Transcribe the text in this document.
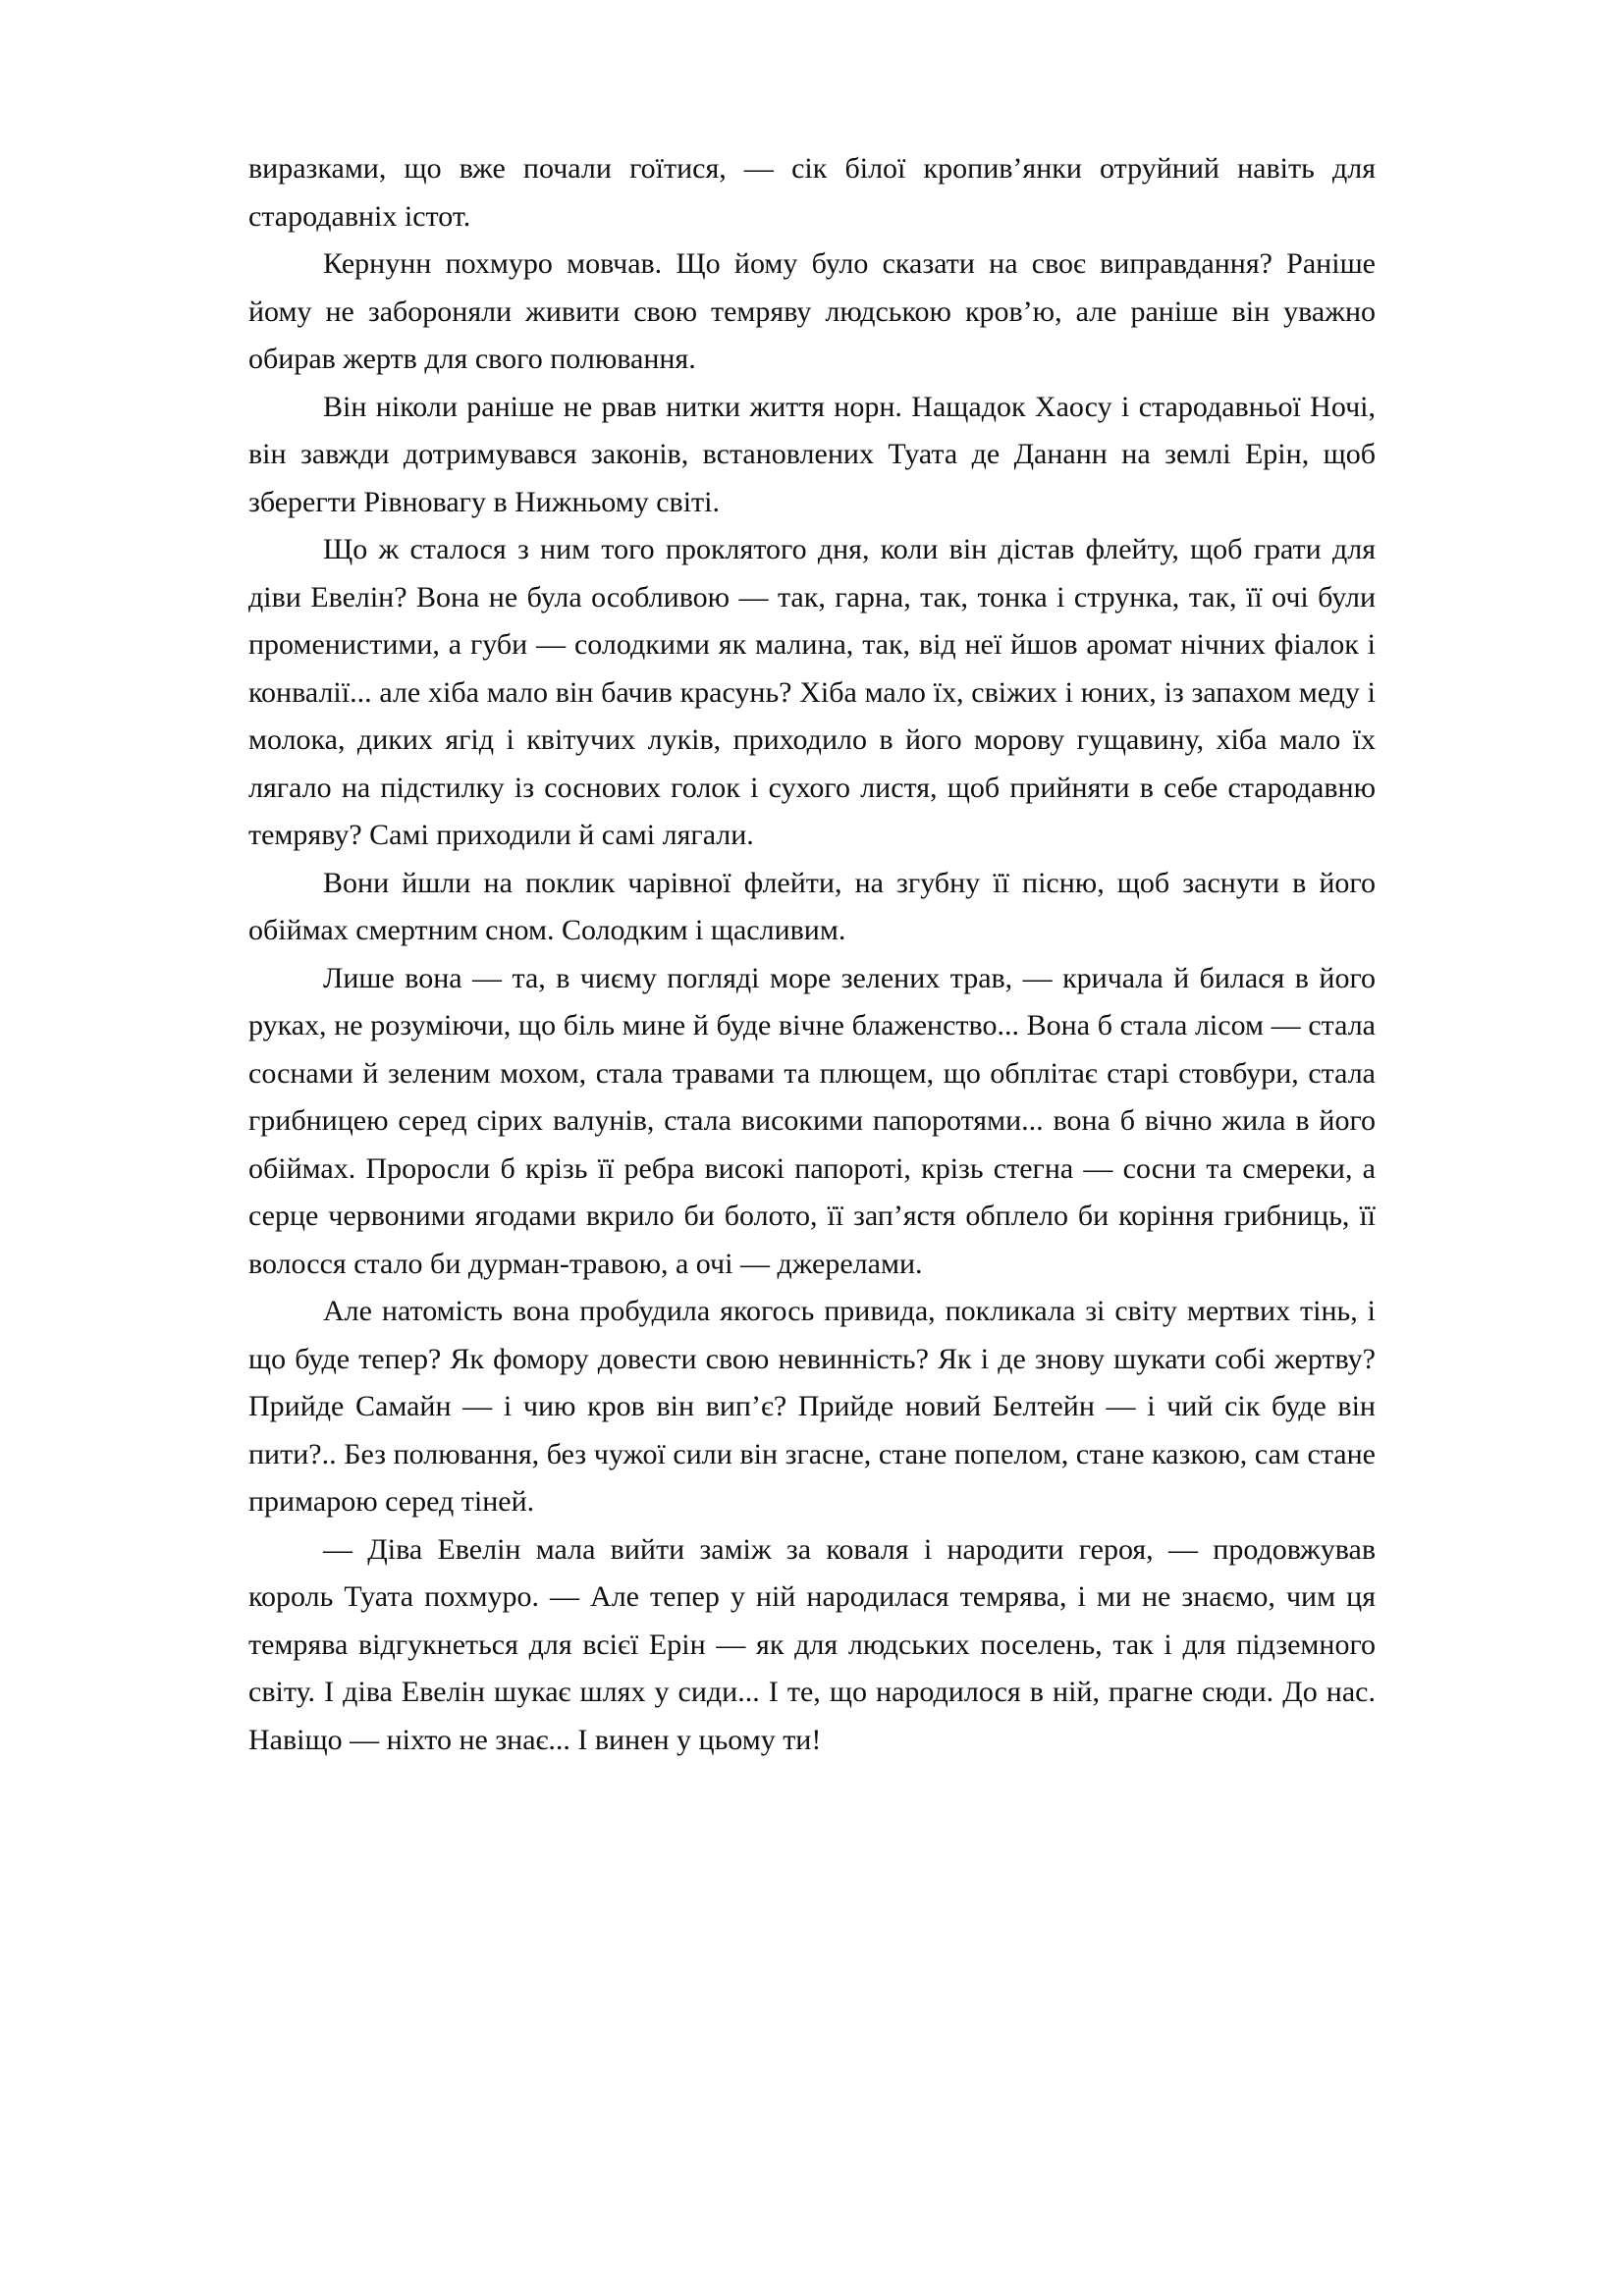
виразками, що вже почали гоїтися, — сік білої кропив’янки отруйний навіть для стародавніх істот.

Кернунн похмуро мовчав. Що йому було сказати на своє виправдання? Раніше йому не забороняли живити свою темряву людською кров’ю, але раніше він уважно обирав жертв для свого полювання.

Він ніколи раніше не рвав нитки життя норн. Нащадок Хаосу і стародавньої Ночі, він завжди дотримувався законів, встановлених Туата де Дананн на землі Ерін, щоб зберегти Рівновагу в Нижньому світі.

Що ж сталося з ним того проклятого дня, коли він дістав флейту, щоб грати для діви Евелін? Вона не була особливою — так, гарна, так, тонка і струнка, так, її очі були променистими, а губи — солодкими як малина, так, від неї йшов аромат нічних фіалок і конвалії... але хіба мало він бачив красунь? Хіба мало їх, свіжих і юних, із запахом меду і молока, диких ягід і квітучих луків, приходило в його морову гущавину, хіба мало їх лягало на підстилку із соснових голок і сухого листя, щоб прийняти в себе стародавню темряву? Самі приходили й самі лягали.

Вони йшли на поклик чарівної флейти, на згубну її пісню, щоб заснути в його обіймах смертним сном. Солодким і щасливим.

Лише вона — та, в чиєму погляді море зелених трав, — кричала й билася в його руках, не розуміючи, що біль мине й буде вічне блаженство... Вона б стала лісом — стала соснами й зеленим мохом, стала травами та плющем, що обплітає старі стовбури, стала грибницею серед сірих валунів, стала високими папоротями... вона б вічно жила в його обіймах. Проросли б крізь її ребра високі папороті, крізь стегна — сосни та смереки, а серце червоними ягодами вкрило би болото, її зап’ястя обплело би коріння грибниць, її волосся стало би дурман-травою, а очі — джерелами.

Але натомість вона пробудила якогось привида, покликала зі світу мертвих тінь, і що буде тепер? Як фомору довести свою невинність? Як і де знову шукати собі жертву? Прийде Самайн — і чию кров він вип’є? Прийде новий Белтейн — і чий сік буде він пити?.. Без полювання, без чужої сили він згасне, стане попелом, стане казкою, сам стане примарою серед тіней.

— Діва Евелін мала вийти заміж за коваля і народити героя, — продовжував король Туата похмуро. — Але тепер у ній народилася темрява, і ми не знаємо, чим ця темрява відгукнеться для всієї Ерін — як для людських поселень, так і для підземного світу. І діва Евелін шукає шлях у сиди... І те, що народилося в ній, прагне сюди. До нас. Навіщо — ніхто не знає... І винен у цьому ти!
